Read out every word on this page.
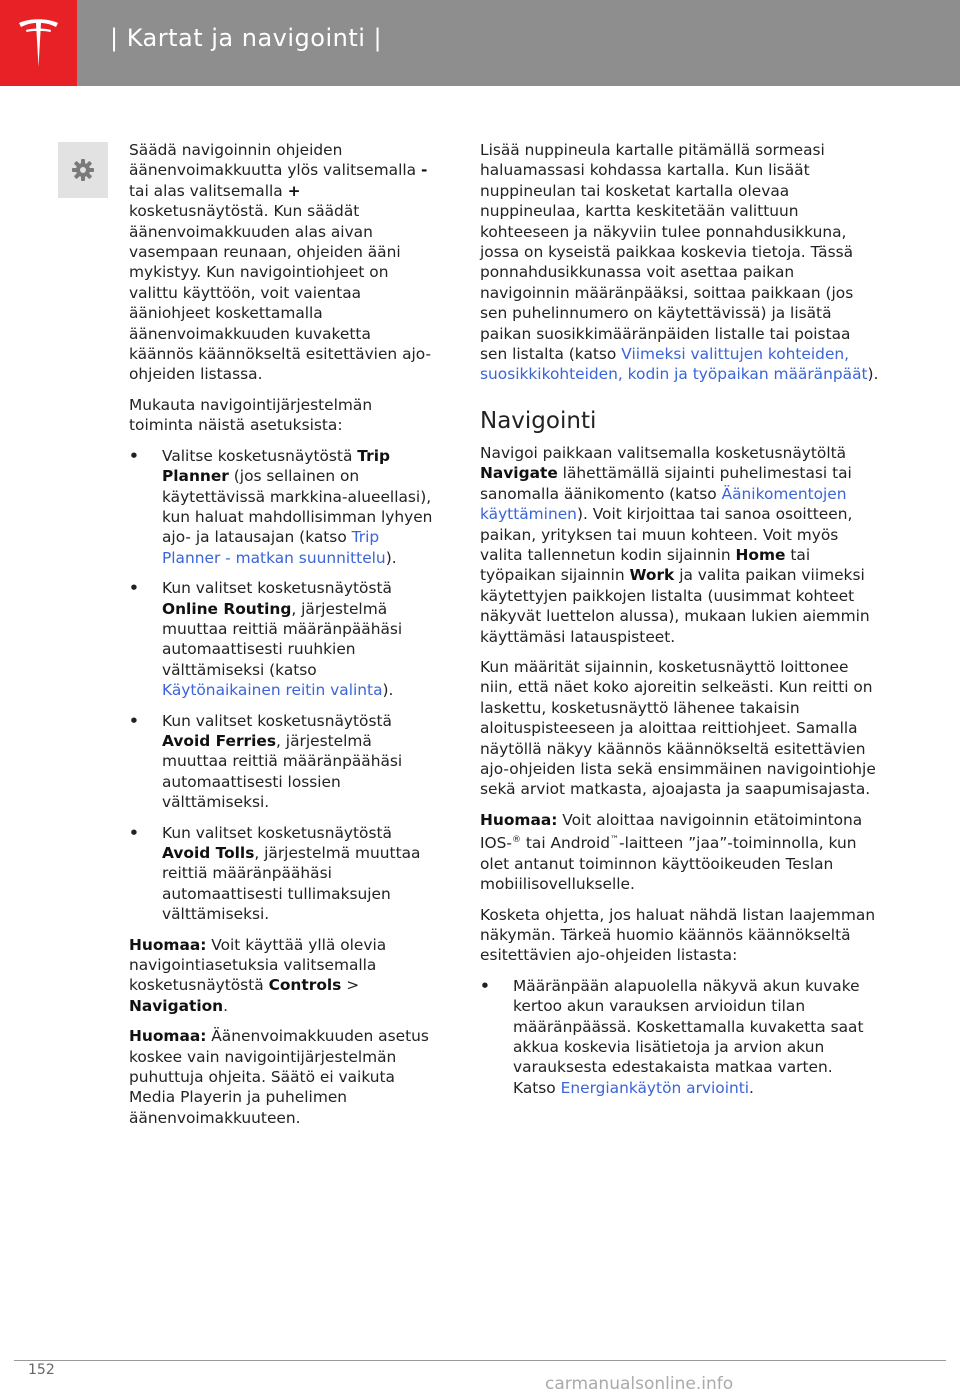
| Kartat ja navigointi |

Säädä navigoinnin ohjeiden äänenvoimakkuutta ylös valitsemalla - tai alas valitsemalla + kosketusnäytöstä. Kun säädät äänenvoimakkuuden alas aivan vasempaan reunaan, ohjeiden ääni mykistyy. Kun navigointiohjeet on valittu käyttöön, voit vaientaa ääniohjeet koskettamalla äänenvoimakkuuden kuvaketta käännös käännökseltä esitettävien ajo-ohjeiden listassa.

Mukauta navigointijärjestelmän toiminta näistä asetuksista:

• Valitse kosketusnäytöstä Trip Planner (jos sellainen on käytettävissä markkina-alueellasi), kun haluat mahdollisimman lyhyen ajo- ja latausajan (katso Trip Planner - matkan suunnittelu).
• Kun valitset kosketusnäytöstä Online Routing, järjestelmä muuttaa reittiä määränpäähäsi automaattisesti ruuhkien välttämiseksi (katso Käytönaikainen reitin valinta).
• Kun valitset kosketusnäytöstä Avoid Ferries, järjestelmä muuttaa reittiä määränpäähäsi automaattisesti lossien välttämiseksi.
• Kun valitset kosketusnäytöstä Avoid Tolls, järjestelmä muuttaa reittiä määränpäähäsi automaattisesti tullimaksujen välttämiseksi.

Huomaa: Voit käyttää yllä olevia navigointiasetuksia valitsemalla kosketusnäytöstä Controls > Navigation.

Huomaa: Äänenvoimakkuuden asetus koskee vain navigointijärjestelmän puhuttuja ohjeita. Säätö ei vaikuta Media Playerin ja puhelimen äänenvoimakkuuteen.

Lisää nuppineula kartalle pitämällä sormeasi haluamassasi kohdassa kartalla. Kun lisäät nuppineulan tai kosketat kartalla olevaa nuppineulaa, kartta keskitetään valittuun kohteeseen ja näkyviin tulee ponnahdusikkuna, jossa on kyseistä paikkaa koskevia tietoja. Tässä ponnahdusikkunassa voit asettaa paikan navigoinnin määränpääksi, soittaa paikkaan (jos sen puhelinnumero on käytettävissä) ja lisätä paikan suosikkimääränpäiden listalle tai poistaa sen listalta (katso Viimeksi valittujen kohteiden, suosikkikohteiden, kodin ja työpaikan määränpäät).

Navigointi

Navigoi paikkaan valitsemalla kosketusnäytöltä Navigate lähettämällä sijainti puhelimestasi tai sanomalla äänikomento (katso Äänikomentojen käyttäminen). Voit kirjoittaa tai sanoa osoitteen, paikan, yrityksen tai muun kohteen. Voit myös valita tallennetun kodin sijainnin Home tai työpaikan sijainnin Work ja valita paikan viimeksi käytettyjen paikkojen listalta (uusimmat kohteet näkyvät luettelon alussa), mukaan lukien aiemmin käyttämäsi latauspisteet.

Kun määrität sijainnin, kosketusnäyttö loittonee niin, että näet koko ajoreitin selkeästi. Kun reitti on laskettu, kosketusnäyttö lähenee takaisin aloituspisteeseen ja aloittaa reittiohjeet. Samalla näytöllä näkyy käännös käännökseltä esitettävien ajo-ohjeiden lista sekä ensimmäinen navigointiohje sekä arviot matkasta, ajoajasta ja saapumisajasta.

Huomaa: Voit aloittaa navigoinnin etätoimintona IOS-® tai Android™-laitteen ”jaa”-toiminnolla, kun olet antanut toiminnon käyttöoikeuden Teslan mobiilisovellukselle.

Kosketa ohjetta, jos haluat nähdä listan laajemman näkymän. Tärkeä huomio käännös käännökseltä esitettävien ajo-ohjeiden listasta:

• Määränpään alapuolella näkyvä akun kuvake kertoo akun varauksen arvioidun tilan määränpäässä. Koskettamalla kuvaketta saat akkua koskevia lisätietoja ja arvion akun varauksesta edestakaista matkaa varten. Katso Energiankäytön arviointi.
152
carmanualsonline.info
